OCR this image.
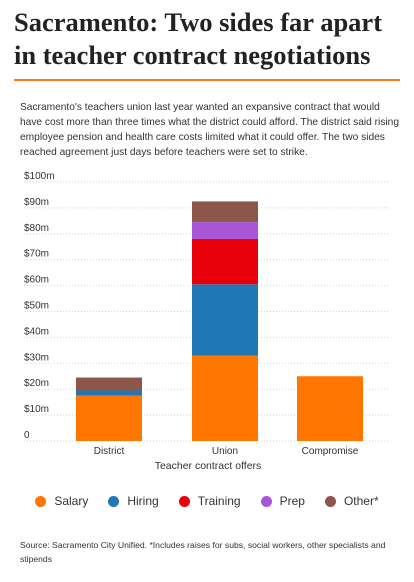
Sacramento: Two sides far apart in teacher contract negotiations

Sacramento's teachers union last year wanted an expansive contract that would have cost more than three times what the district could afford. The district said rising employee pension and health care costs limited what it could offer. The two sides reached agreement just days before teachers were set to strike.

0
$10m
$20m
$30m
$40m
$50m
$60m
$70m
$80m
$90m
$100m
District	Union	Compromise
Teacher contract offers
Salary	Hiring	Training	Prep	Other*

Source: Sacramento City Unified. *Includes raises for subs, social workers, other specialists and stipends
